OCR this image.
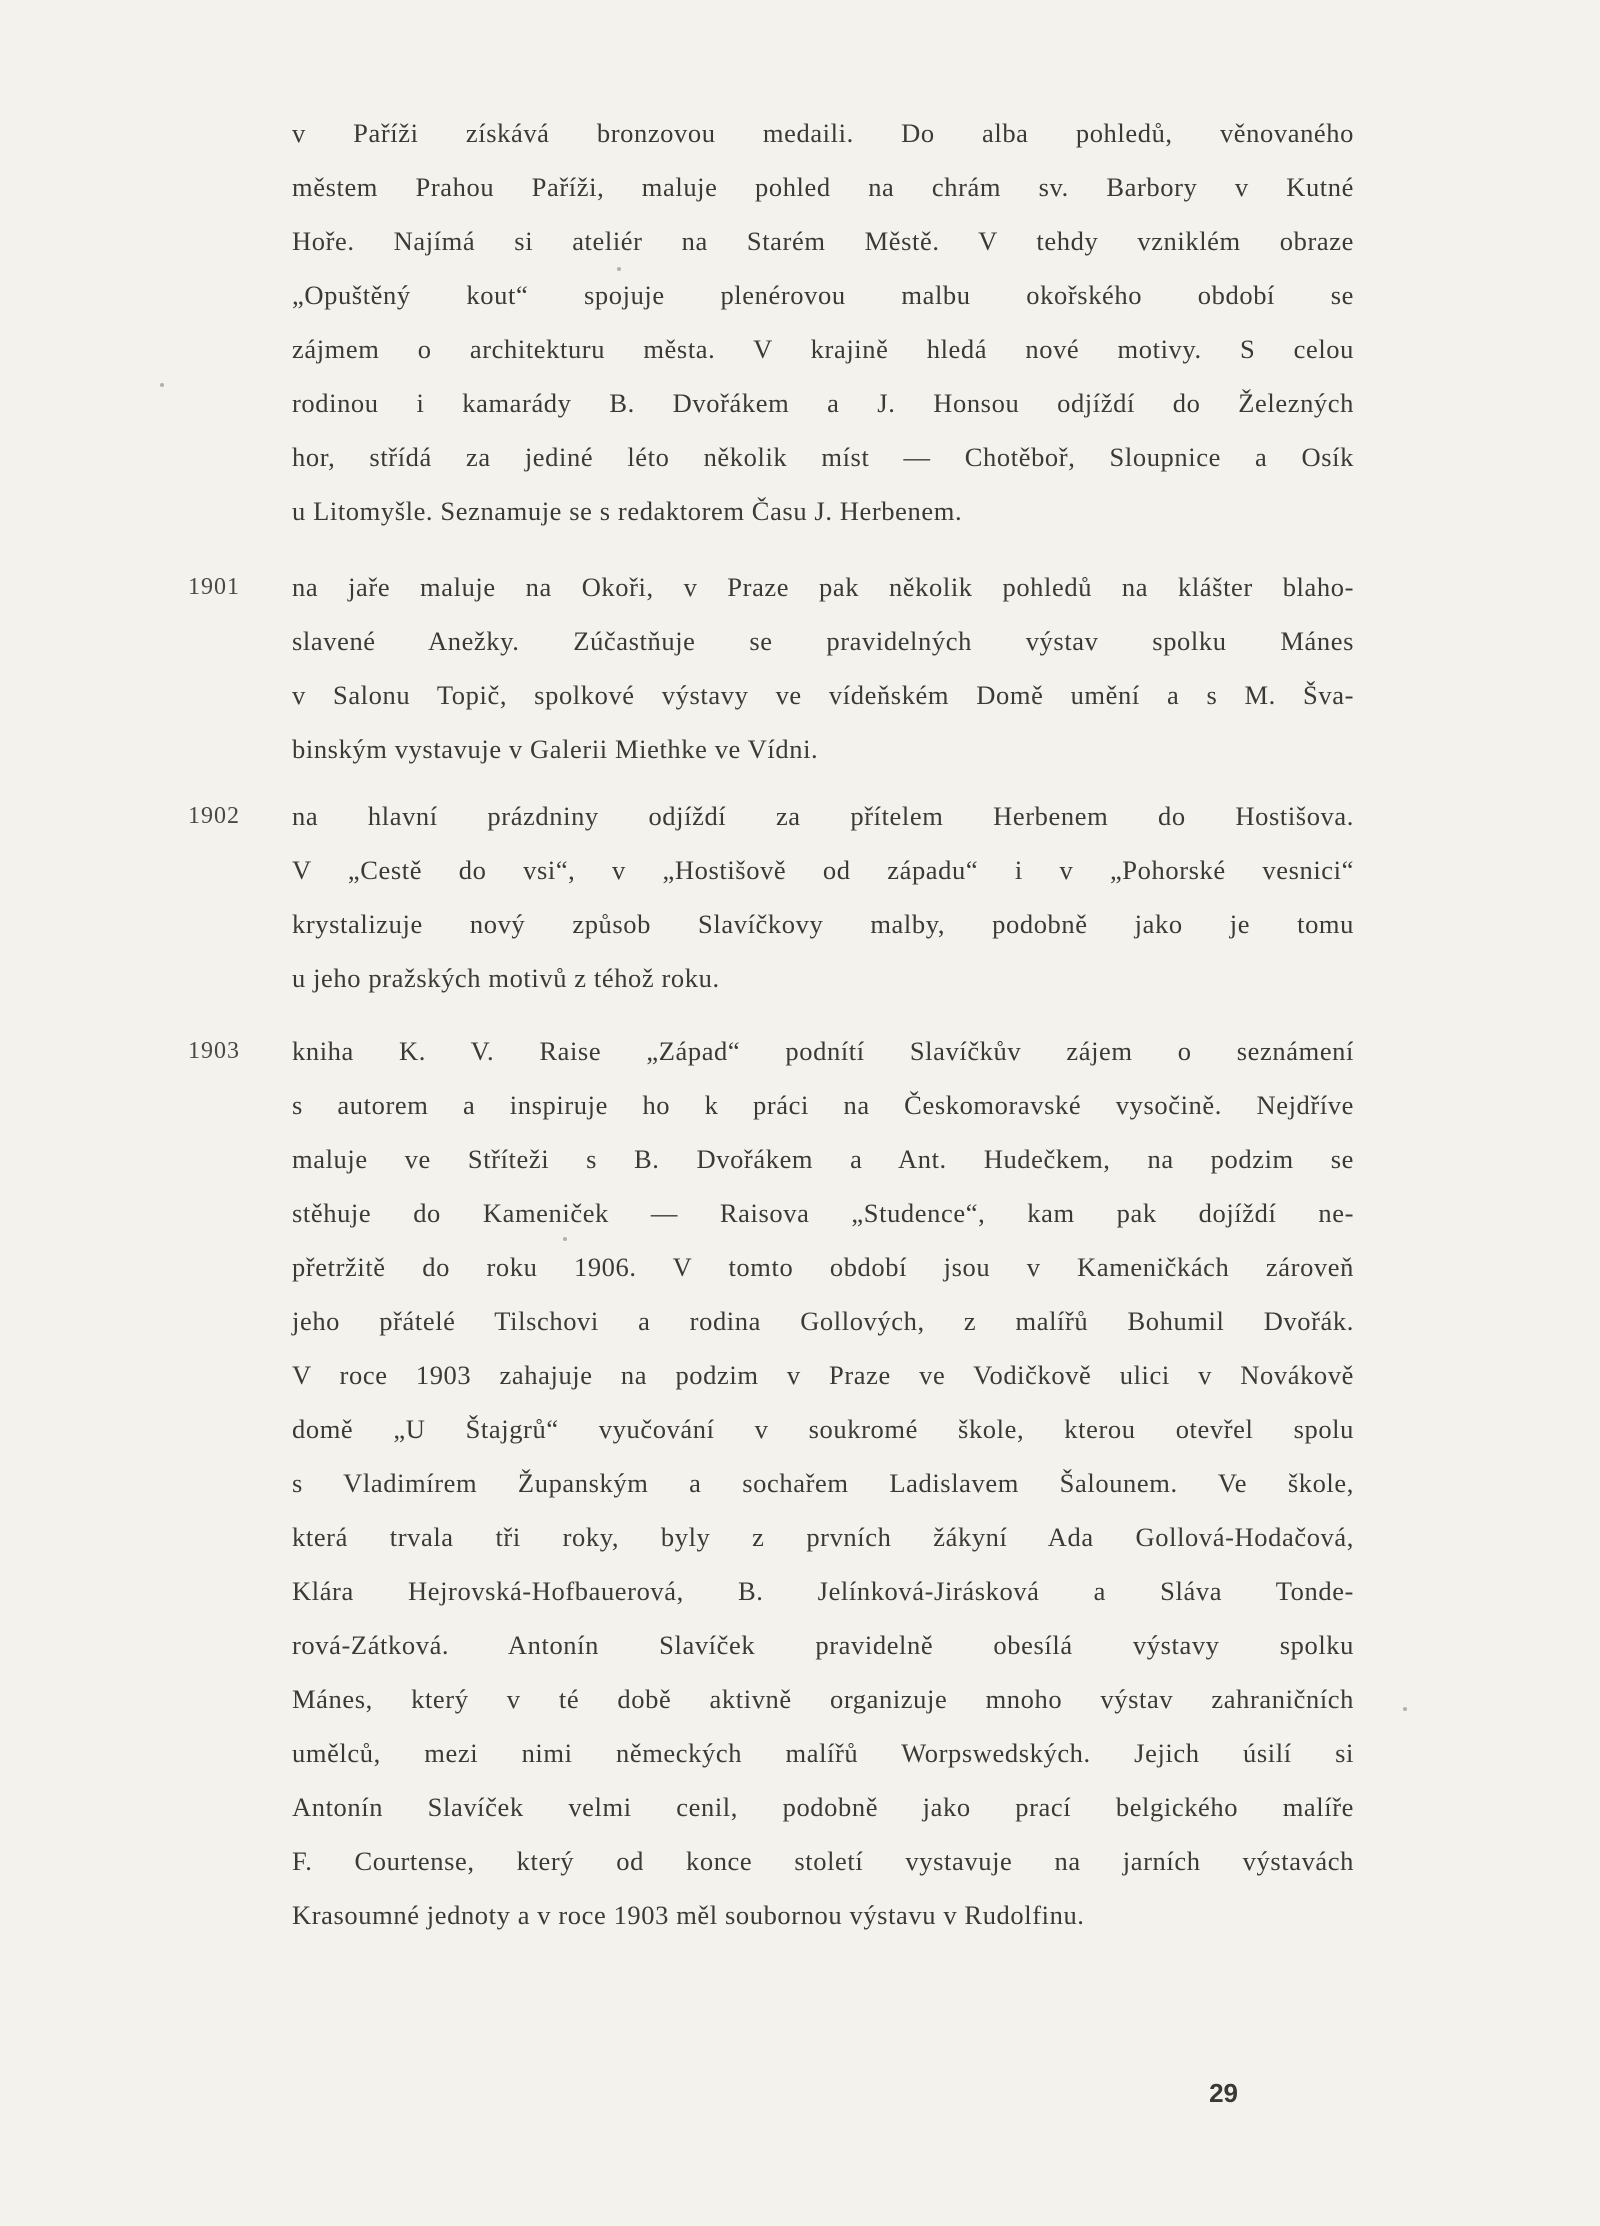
v Paříži získává bronzovou medaili. Do alba pohledů, věnovaného
městem Prahou Paříži, maluje pohled na chrám sv. Barbory v Kutné
Hoře. Najímá si ateliér na Starém Městě. V tehdy vzniklém obraze
„Opuštěný kout“ spojuje plenérovou malbu okořského období se
zájmem o architekturu města. V krajině hledá nové motivy. S celou
rodinou i kamarády B. Dvořákem a J. Honsou odjíždí do Železných
hor, střídá za jediné léto několik míst — Chotěboř, Sloupnice a Osík
u Litomyšle. Seznamuje se s redaktorem Času J. Herbenem.
1901	na jaře maluje na Okoři, v Praze pak několik pohledů na klášter blaho-
slavené Anežky. Zúčastňuje se pravidelných výstav spolku Mánes
v Salonu Topič, spolkové výstavy ve vídeňském Domě umění a s M. Šva-
binským vystavuje v Galerii Miethke ve Vídni.
1902	na hlavní prázdniny odjíždí za přítelem Herbenem do Hostišova.
V „Cestě do vsi“, v „Hostišově od západu“ i v „Pohorské vesnici“
krystalizuje nový způsob Slavíčkovy malby, podobně jako je tomu
u jeho pražských motivů z téhož roku.
1903	kniha K. V. Raise „Západ“ podnítí Slavíčkův zájem o seznámení
s autorem a inspiruje ho k práci na Českomoravské vysočině. Nejdříve
maluje ve Stříteži s B. Dvořákem a Ant. Hudečkem, na podzim se
stěhuje do Kameniček — Raisova „Studence“, kam pak dojíždí ne-
přetržitě do roku 1906. V tomto období jsou v Kameničkách zároveň
jeho přátelé Tilschovi a rodina Gollových, z malířů Bohumil Dvořák.
V roce 1903 zahajuje na podzim v Praze ve Vodičkově ulici v Novákově
domě „U Štajgrů“ vyučování v soukromé škole, kterou otevřel spolu
s Vladimírem Županským a sochařem Ladislavem Šalounem. Ve škole,
která trvala tři roky, byly z prvních žákyní Ada Gollová-Hodačová,
Klára Hejrovská-Hofbauerová, B. Jelínková-Jirásková a Sláva Tonde-
rová-Zátková. Antonín Slavíček pravidelně obesílá výstavy spolku
Mánes, který v té době aktivně organizuje mnoho výstav zahraničních
umělců, mezi nimi německých malířů Worpswedských. Jejich úsilí si
Antonín Slavíček velmi cenil, podobně jako prací belgického malíře
F. Courtense, který od konce století vystavuje na jarních výstavách
Krasoumné jednoty a v roce 1903 měl soubornou výstavu v Rudolfinu.
29
